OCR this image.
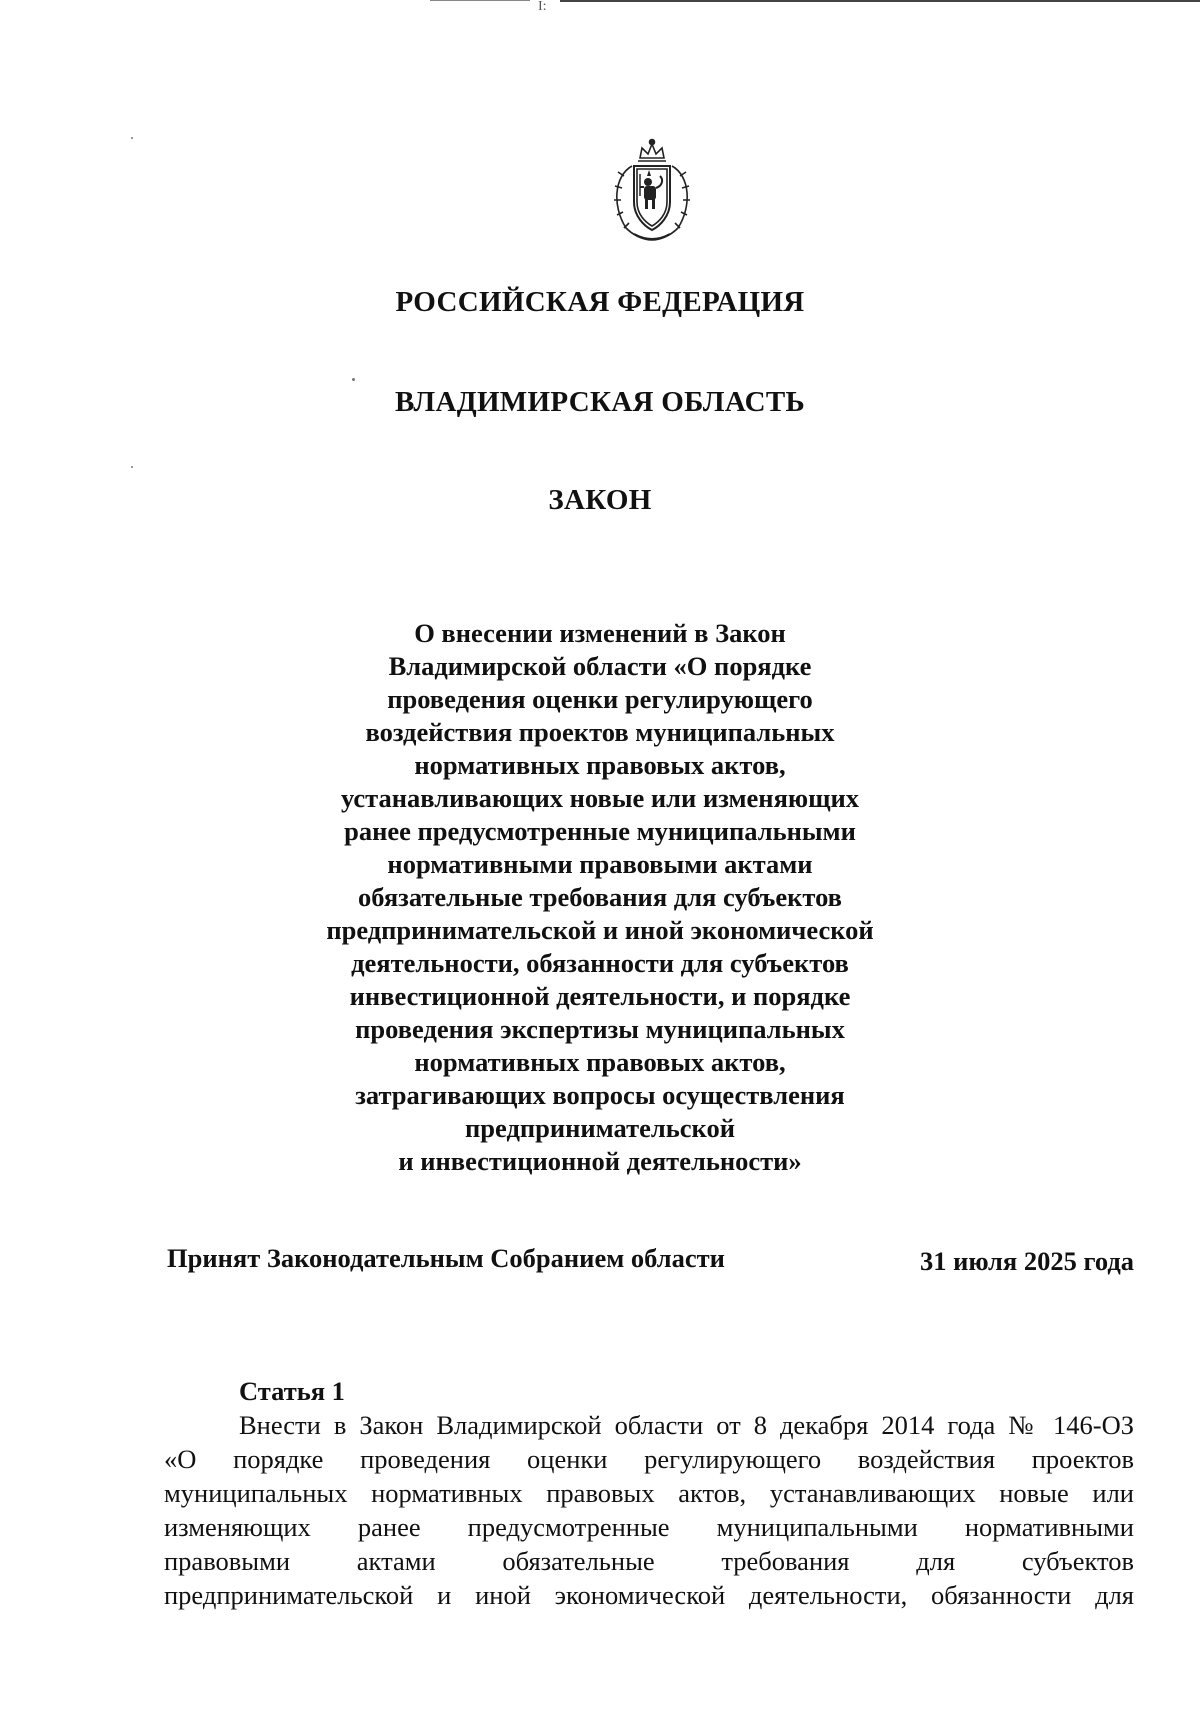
I:
РОССИЙСКАЯ ФЕДЕРАЦИЯ
ВЛАДИМИРСКАЯ ОБЛАСТЬ
ЗАКОН
О внесении изменений в Закон
Владимирской области «О порядке
проведения оценки регулирующего
воздействия проектов муниципальных
нормативных правовых актов,
устанавливающих новые или изменяющих
ранее предусмотренные муниципальными
нормативными правовыми актами
обязательные требования для субъектов
предпринимательской и иной экономической
деятельности, обязанности для субъектов
инвестиционной деятельности, и порядке
проведения экспертизы муниципальных
нормативных правовых актов,
затрагивающих вопросы осуществления
предпринимательской
и инвестиционной деятельности»
Принят Законодательным Собранием области	31 июля 2025 года
Статья 1
Внести в Закон Владимирской области от 8 декабря 2014 года № 146-ОЗ
«О порядке проведения оценки регулирующего воздействия проектов
муниципальных нормативных правовых актов, устанавливающих новые или
изменяющих ранее предусмотренные муниципальными нормативными
правовыми актами обязательные требования для субъектов
предпринимательской и иной экономической деятельности, обязанности для
